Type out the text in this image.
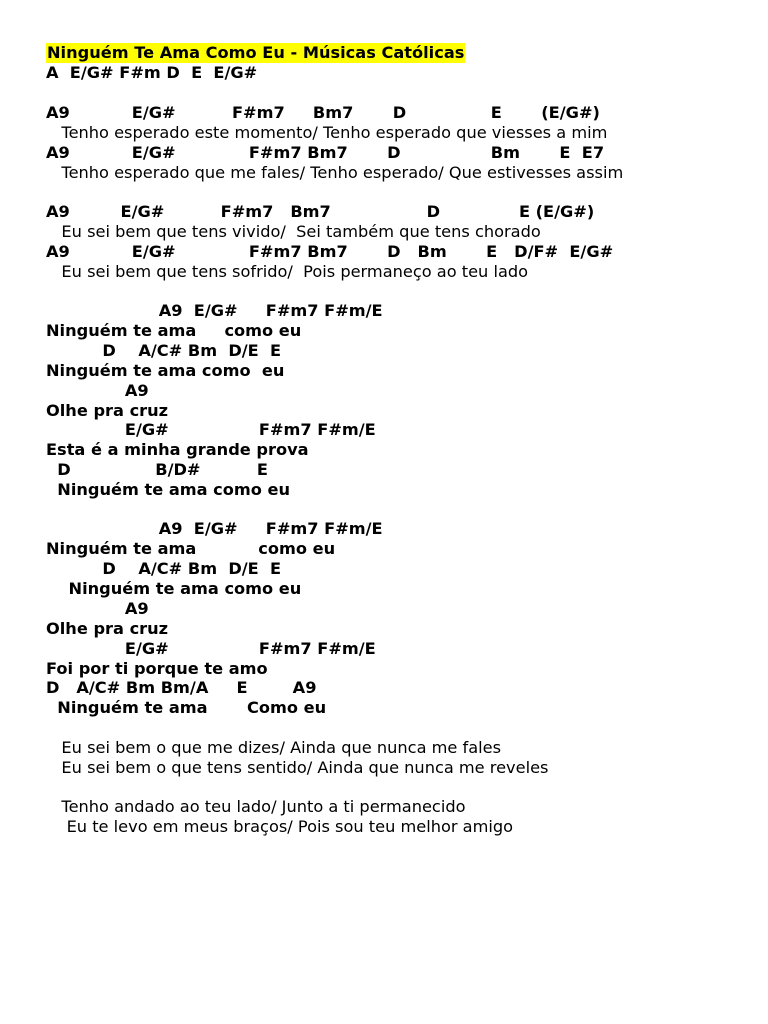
Ninguém Te Ama Como Eu - Músicas Católicas
A  E/G# F#m D  E  E/G#
A9           E/G#          F#m7     Bm7       D               E       (E/G#)
Tenho esperado este momento/ Tenho esperado que viesses a mim
A9           E/G#             F#m7 Bm7       D                Bm       E  E7
Tenho esperado que me fales/ Tenho esperado/ Que estivesses assim
A9         E/G#          F#m7   Bm7                 D              E (E/G#)
Eu sei bem que tens vivido/  Sei também que tens chorado
A9           E/G#             F#m7 Bm7       D   Bm       E   D/F#  E/G#
Eu sei bem que tens sofrido/  Pois permaneço ao teu lado
A9  E/G#     F#m7 F#m/E
Ninguém te ama     como eu
D    A/C# Bm  D/E  E
Ninguém te ama como  eu
A9
Olhe pra cruz
E/G#                F#m7 F#m/E
Esta é a minha grande prova
D               B/D#          E
Ninguém te ama como eu
A9  E/G#     F#m7 F#m/E
Ninguém te ama           como eu
D    A/C# Bm  D/E  E
Ninguém te ama como eu
A9
Olhe pra cruz
E/G#                F#m7 F#m/E
Foi por ti porque te amo
D   A/C# Bm Bm/A     E        A9
Ninguém te ama       Como eu
Eu sei bem o que me dizes/ Ainda que nunca me fales
Eu sei bem o que tens sentido/ Ainda que nunca me reveles
Tenho andado ao teu lado/ Junto a ti permanecido
Eu te levo em meus braços/ Pois sou teu melhor amigo
